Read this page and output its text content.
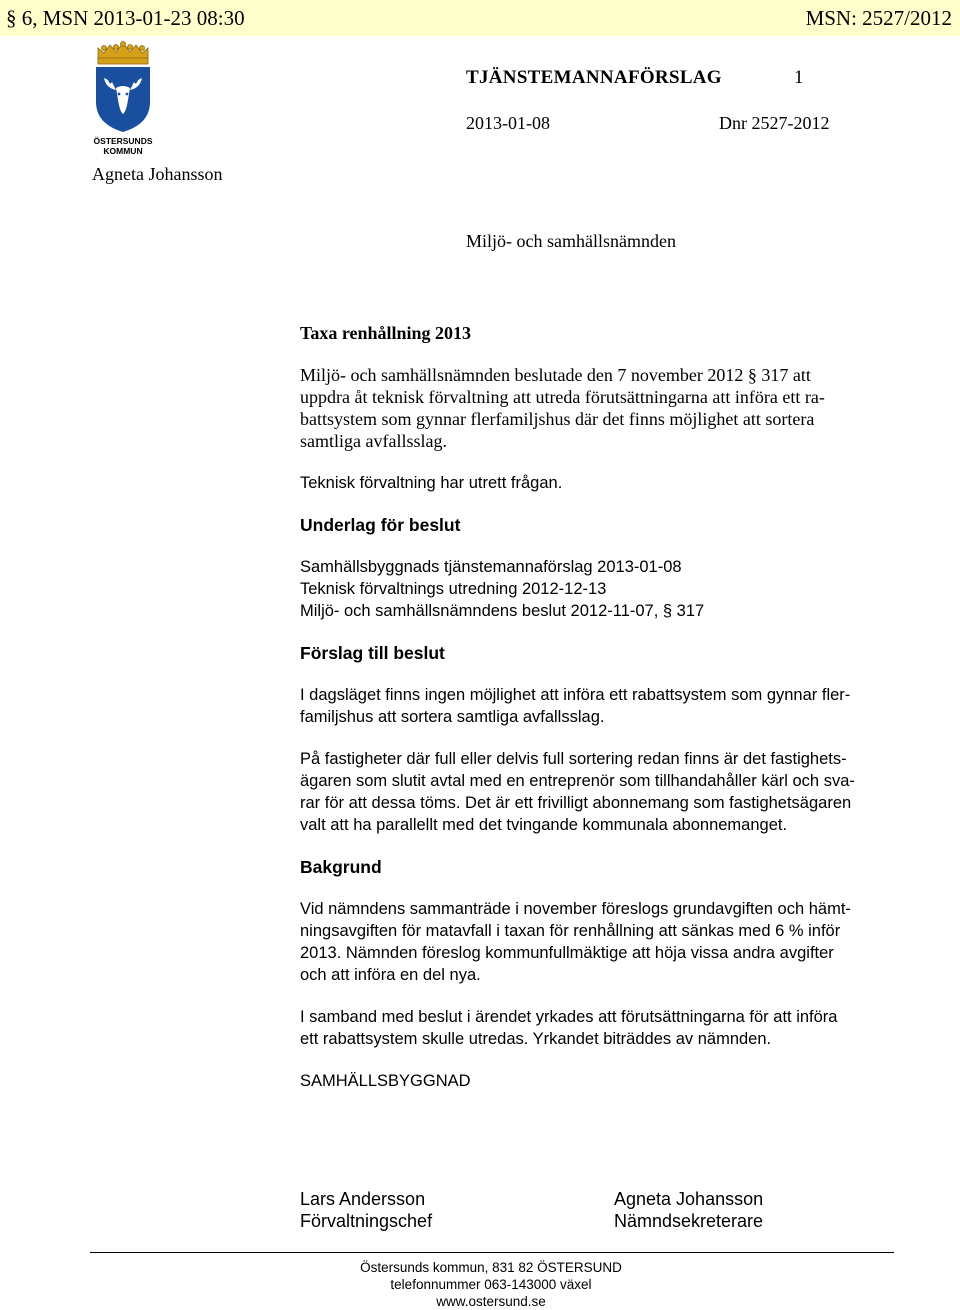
§ 6, MSN 2013-01-23 08:30	MSN: 2527/2012
ÖSTERSUNDS
KOMMUN
TJÄNSTEMANNAFÖRSLAG	1
2013-01-08	Dnr 2527-2012
Agneta Johansson
Miljö- och samhällsnämnden
Taxa renhållning 2013

Miljö- och samhällsnämnden beslutade den 7 november 2012 § 317 att
uppdra åt teknisk förvaltning att utreda förutsättningarna att införa ett ra-
battsystem som gynnar flerfamiljshus där det finns möjlighet att sortera
samtliga avfallsslag.

Teknisk förvaltning har utrett frågan.

Underlag för beslut

Samhällsbyggnads tjänstemannaförslag 2013-01-08
Teknisk förvaltnings utredning 2012-12-13
Miljö- och samhällsnämndens beslut 2012-11-07, § 317

Förslag till beslut

I dagsläget finns ingen möjlighet att införa ett rabattsystem som gynnar fler-
familjshus att sortera samtliga avfallsslag.

På fastigheter där full eller delvis full sortering redan finns är det fastighets-
ägaren som slutit avtal med en entreprenör som tillhandahåller kärl och sva-
rar för att dessa töms. Det är ett frivilligt abonnemang som fastighetsägaren
valt att ha parallellt med det tvingande kommunala abonnemanget.

Bakgrund

Vid nämndens sammanträde i november föreslogs grundavgiften och hämt-
ningsavgiften för matavfall i taxan för renhållning att sänkas med 6 % inför
2013. Nämnden föreslog kommunfullmäktige att höja vissa andra avgifter
och att införa en del nya.

I samband med beslut i ärendet yrkades att förutsättningarna för att införa
ett rabattsystem skulle utredas. Yrkandet biträddes av nämnden.

SAMHÄLLSBYGGNAD

Lars Andersson
Förvaltningschef
Agneta Johansson
Nämndsekreterare
Östersunds kommun, 831 82 ÖSTERSUND
telefonnummer 063-143000 växel
www.ostersund.se
